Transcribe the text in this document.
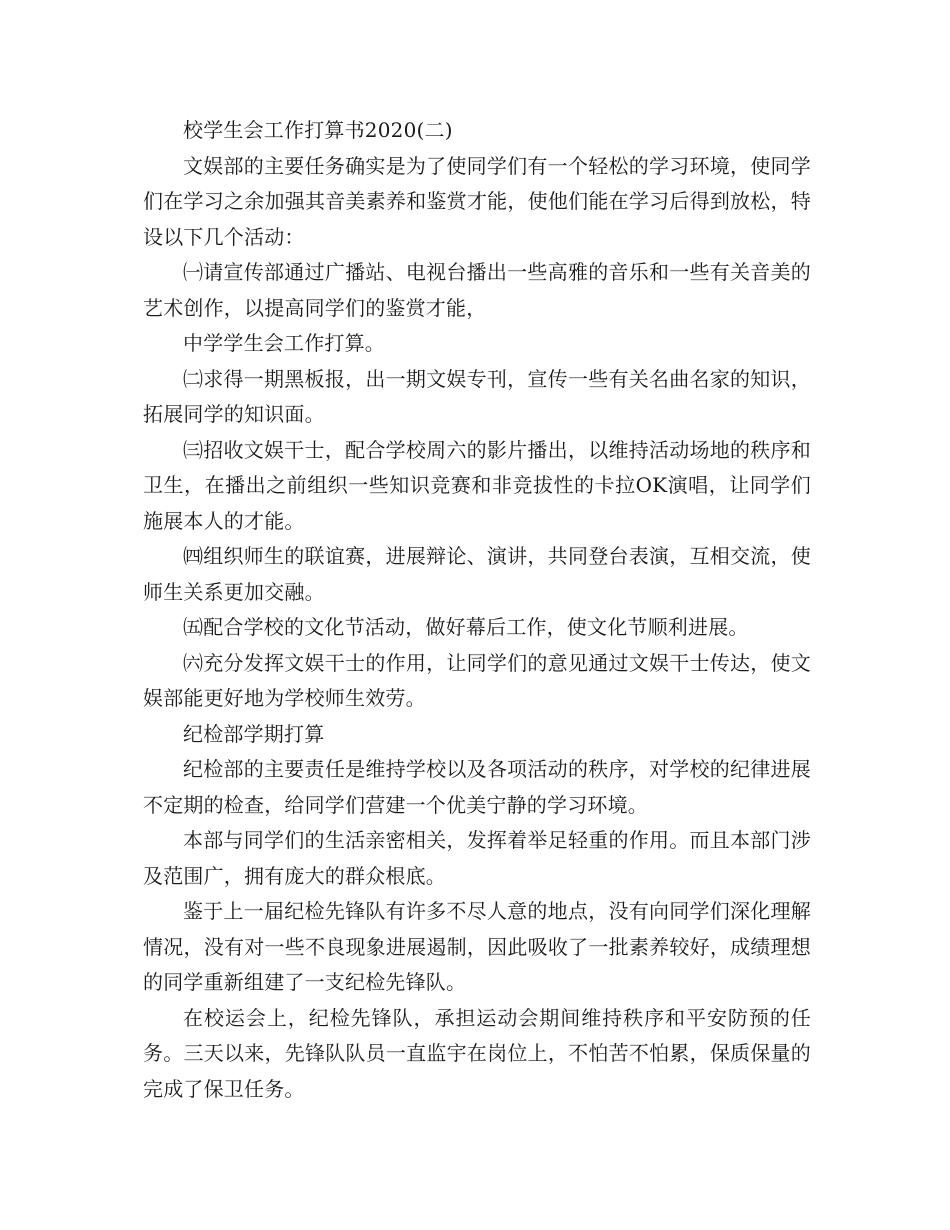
校学生会工作打算书2020(二)

文娱部的主要任务确实是为了使同学们有一个轻松的学习环境，使同学们在学习之余加强其音美素养和鉴赏才能，使他们能在学习后得到放松，特设以下几个活动：

㈠请宣传部通过广播站、电视台播出一些高雅的音乐和一些有关音美的艺术创作，以提高同学们的鉴赏才能，

中学学生会工作打算。

㈡求得一期黑板报，出一期文娱专刊，宣传一些有关名曲名家的知识，拓展同学的知识面。

㈢招收文娱干士，配合学校周六的影片播出，以维持活动场地的秩序和卫生，在播出之前组织一些知识竞赛和非竞拔性的卡拉OK演唱，让同学们施展本人的才能。

㈣组织师生的联谊赛，进展辩论、演讲，共同登台表演，互相交流，使师生关系更加交融。

㈤配合学校的文化节活动，做好幕后工作，使文化节顺利进展。

㈥充分发挥文娱干士的作用，让同学们的意见通过文娱干士传达，使文娱部能更好地为学校师生效劳。

纪检部学期打算

纪检部的主要责任是维持学校以及各项活动的秩序，对学校的纪律进展不定期的检查，给同学们营建一个优美宁静的学习环境。

本部与同学们的生活亲密相关，发挥着举足轻重的作用。而且本部门涉及范围广，拥有庞大的群众根底。

鉴于上一届纪检先锋队有许多不尽人意的地点，没有向同学们深化理解情况，没有对一些不良现象进展遏制，因此吸收了一批素养较好，成绩理想的同学重新组建了一支纪检先锋队。

在校运会上，纪检先锋队，承担运动会期间维持秩序和平安防预的任务。三天以来，先锋队队员一直监宇在岗位上，不怕苦不怕累，保质保量的完成了保卫任务。
